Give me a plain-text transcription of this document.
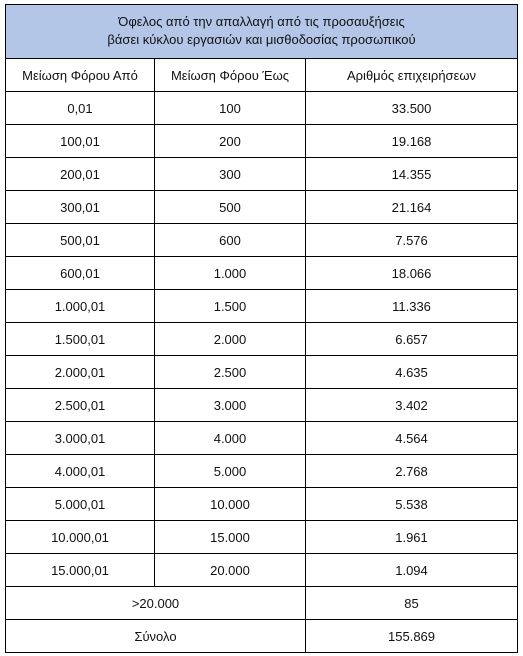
Όφελος από την απαλλαγή από τις προσαυξήσεις
βάσει κύκλου εργασιών και μισθοδοσίας προσωπικού		

Μείωση Φόρου Από	Μείωση Φόρου Έως	Αριθμός επιχειρήσεων
0,01	100	33.500
100,01	200	19.168
200,01	300	14.355
300,01	500	21.164
500,01	600	7.576
600,01	1.000	18.066
1.000,01	1.500	11.336
1.500,01	2.000	6.657
2.000,01	2.500	4.635
2.500,01	3.000	3.402
3.000,01	4.000	4.564
4.000,01	5.000	2.768
5.000,01	10.000	5.538
10.000,01	15.000	1.961
15.000,01	20.000	1.094
>20.000		85
Σύνολο		155.869
